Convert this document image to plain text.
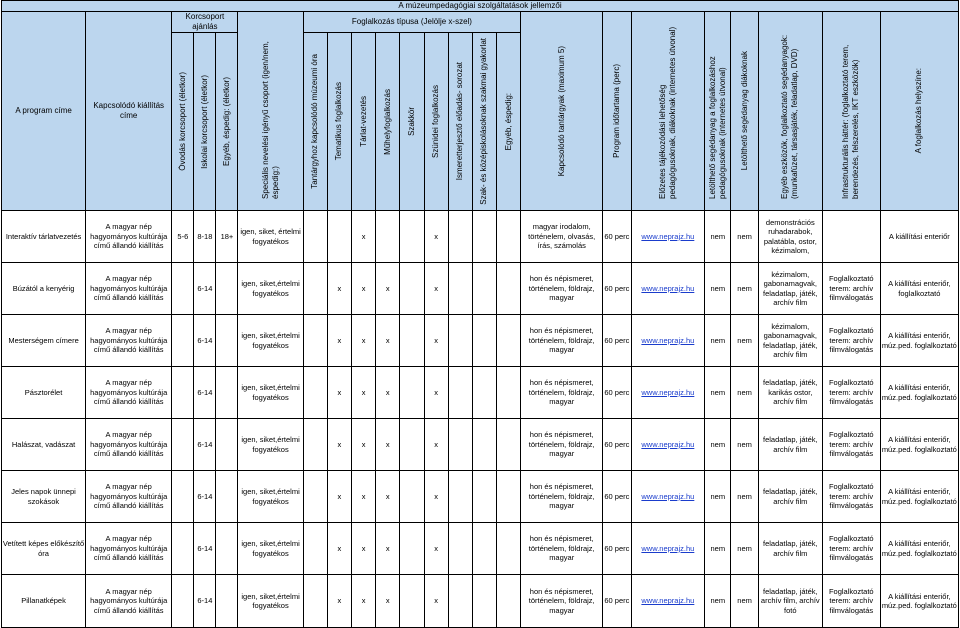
A múzeumpedagógiai szolgáltatások jellemzői																						
A program címe	Kapcsolódó kiállítás címe	Korcsoport ajánlás			Speciális nevelési igényű csoport (igen/nem, éspedig:)	Foglalkozás típusa (Jelölje x-szel)									Kapcsolódó tantárgyak (maximum 5)	Program időtartama (perc)	Előzetes tájékozódási lehetőség pedagógusoknak, diákoknak (internetes útvonal)	Letölthető segédanyag a foglalkozáshoz pedagógusoknak (internetes útvonal)	Letölthető segédanyag diákoknak	Egyéb eszközök, foglalkoztató segédanyagok: (munkafüzet, társasjáték, feladatlap, DVD)	Infrastrukturális háttér: (foglalkoztató terem, berendezés, felszerelés, IKT eszközök)	A foglalkozás helyszíne:

		Óvodás korcsoport (életkor)	Iskolai korcsoport (életkor)	Egyéb, éspedig: (életkor)		Tantárgyhoz kapcsolódó múzeumi óra	Tematikus foglalkozás	Tárlat-vezetés	Műhelyfoglalkozás	Szakkör	Szünidei foglalkozás	Ismeretterjesztő előadás- sorozat	Szak- és középiskolásoknak szakmai gyakorlat	Egyéb, éspedig:								

Interaktív tárlatvezetés	A magyar nép hagyományos kultúrája című állandó kiállítás	5-6	8-18	18+	igen, siket, értelmi fogyatékos			x			x				magyar irodalom, történelem, olvasás, írás, számolás	60 perc	www.neprajz.hu	nem	nem	demonstrációs ruhadarabok, palatábla, ostor, kézimalom,		A kiállítási enteriőr
Búzától a kenyérig	A magyar nép hagyományos kultúrája című állandó kiállítás		6-14		igen, siket,értelmi fogyatékos		x	x	x		x				hon és népismeret, történelem, földrajz, magyar	60 perc	www.neprajz.hu	nem	nem	kézimalom, gabonamagvak, feladatlap, játék, archív film	Foglalkoztató terem: archív filmválogatás	A kiállítási enteriőr, foglalkoztató
Mesterségem címere	A magyar nép hagyományos kultúrája című állandó kiállítás		6-14		igen, siket,értelmi fogyatékos		x	x	x		x				hon és népismeret, történelem, földrajz, magyar	60 perc	www.neprajz.hu	nem	nem	kézimalom, gabonamagvak, feladatlap, játék, archív film	Foglalkoztató terem: archív filmválogatás	A kiállítási enteriőr, múz.ped. foglalkoztató
Pásztorélet	A magyar nép hagyományos kultúrája című állandó kiállítás		6-14		igen, siket,értelmi fogyatékos		x	x	x		x				hon és népismeret, történelem, földrajz, magyar	60 perc	www.neprajz.hu	nem	nem	feladatlap, játék, karikás ostor, archív film	Foglalkoztató terem: archív filmválogatás	A kiállítási enteriőr, múz.ped. foglalkoztató
Halászat, vadászat	A magyar nép hagyományos kultúrája című állandó kiállítás		6-14		igen, siket,értelmi fogyatékos		x	x	x		x				hon és népismeret, történelem, földrajz, magyar	60 perc	www.neprajz.hu	nem	nem	feladatlap, játék, archív film	Foglalkoztató terem: archív filmválogatás	A kiállítási enteriőr, múz.ped. foglalkoztató
Jeles napok ünnepi szokások	A magyar nép hagyományos kultúrája című állandó kiállítás		6-14		igen, siket,értelmi fogyatékos		x	x	x		x				hon és népismeret, történelem, földrajz, magyar	60 perc	www.neprajz.hu	nem	nem	feladatlap, játék, archív film	Foglalkoztató terem: archív filmválogatás	A kiállítási enteriőr, múz.ped. foglalkoztató
Vetített képes előkészítő óra	A magyar nép hagyományos kultúrája című állandó kiállítás		6-14		igen, siket,értelmi fogyatékos		x	x	x		x				hon és népismeret, történelem, földrajz, magyar	60 perc	www.neprajz.hu	nem	nem	feladatlap, játék, archív film	Foglalkoztató terem: archív filmválogatás	A kiállítási enteriőr, múz.ped. foglalkoztató
Pillanatképek	A magyar nép hagyományos kultúrája című állandó kiállítás		6-14		igen, siket,értelmi fogyatékos		x	x	x		x				hon és népismeret, történelem, földrajz, magyar	60 perc	www.neprajz.hu	nem	nem	feladatlap, játék, archív film, archív fotó	Foglalkoztató terem: archív filmválogatás	A kiállítási enteriőr, múz.ped. foglalkoztató
